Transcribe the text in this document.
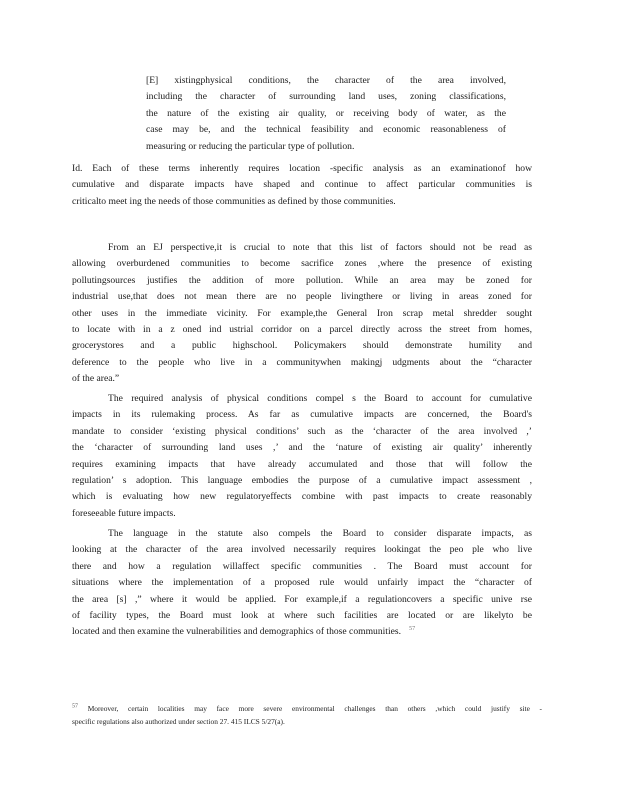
[E] xistingphysical conditions, the character of the area involved,
including the character of surrounding land uses, zoning classifications,
the nature of the existing air quality, or receiving body of water, as the
case may be, and the technical feasibility and economic reasonableness of
measuring or reducing the particular type of pollution.
Id. Each of these terms inherently requires location -specific analysis as an examinationof how
cumulative and disparate impacts have shaped and continue to affect particular communities is
criticalto meet ing the needs of those communities as defined by those communities.
From an EJ perspective,it is crucial to note that this list of factors should not be read as
allowing overburdened communities to become sacrifice zones ,where the presence of existing
pollutingsources justifies the addition of more pollution. While an area may be zoned for
industrial use,that does not mean there are no people livingthere or living in areas zoned for
other uses in the immediate vicinity. For example,the General Iron scrap metal shredder sought
to locate with in a z oned ind ustrial corridor on a parcel directly across the street from homes,
grocerystores and a public highschool. Policymakers should demonstrate humility and
deference to the people who live in a communitywhen makingj udgments about the “character
of the area.”
The required analysis of physical conditions compel s the Board to account for cumulative
impacts in its rulemaking process. As far as cumulative impacts are concerned, the Board's
mandate to consider ‘existing physical conditions’ such as the ‘character of the area involved ,’
the ‘character of surrounding land uses ,’ and the ‘nature of existing air quality’ inherently
requires examining impacts that have already accumulated and those that will follow the
regulation’ s adoption. This language embodies the purpose of a cumulative impact assessment ,
which is evaluating how new regulatoryeffects combine with past impacts to create reasonably
foreseeable future impacts.
The language in the statute also compels the Board to consider disparate impacts, as
looking at the character of the area involved necessarily requires lookingat the peo ple who live
there and how a regulation willaffect specific communities . The Board must account for
situations where the implementation of a proposed rule would unfairly impact the “character of
the area [s] ,” where it would be applied. For example,if a regulationcovers a specific unive rse
of facility types, the Board must look at where such facilities are located or are likelyto be
located and then examine the vulnerabilities and demographics of those communities. $^{57}$
$^{57}$ Moreover, certain localities may face more severe environmental challenges than others ,which could justify site -
specific regulations also authorized under section 27. 415 ILCS 5/27(a).
